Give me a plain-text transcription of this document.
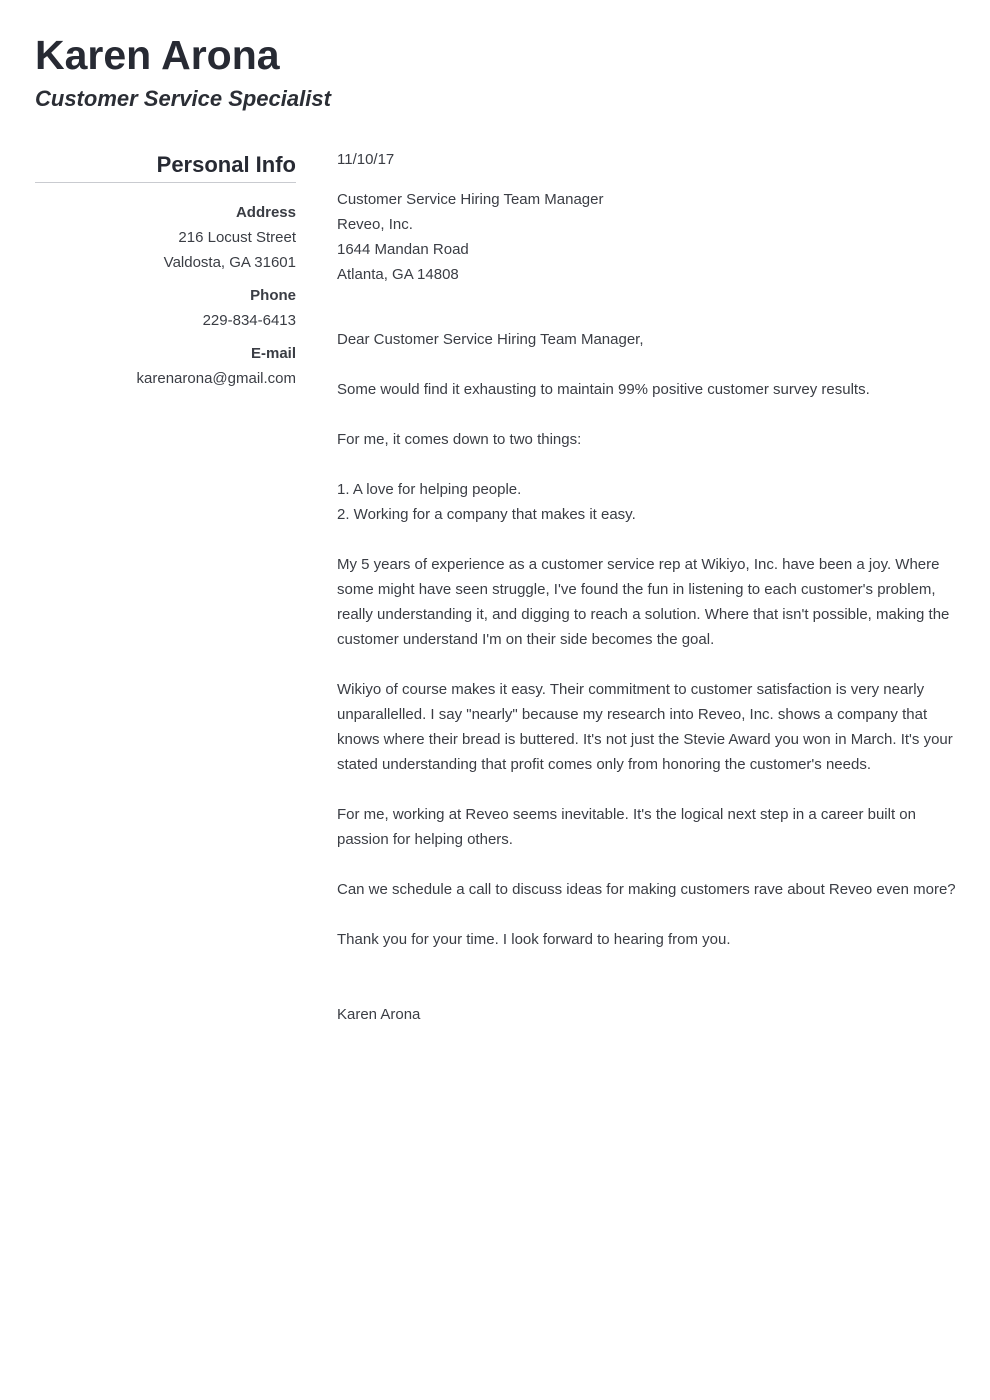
Karen Arona
Customer Service Specialist
Personal Info
Address
216 Locust Street
Valdosta, GA 31601
Phone
229-834-6413
E-mail
karenarona@gmail.com

11/10/17

Customer Service Hiring Team Manager

Reveo, Inc.

1644 Mandan Road

Atlanta, GA 14808

Dear Customer Service Hiring Team Manager,

Some would find it exhausting to maintain 99% positive customer survey results.

For me, it comes down to two things:

1. A love for helping people.

2. Working for a company that makes it easy.

My 5 years of experience as a customer service rep at Wikiyo, Inc. have been a joy. Where some might have seen struggle, I've found the fun in listening to each customer's problem, really understanding it, and digging to reach a solution. Where that isn't possible, making the customer understand I'm on their side becomes the goal.

Wikiyo of course makes it easy. Their commitment to customer satisfaction is very nearly unparallelled. I say "nearly" because my research into Reveo, Inc. shows a company that knows where their bread is buttered. It's not just the Stevie Award you won in March. It's your stated understanding that profit comes only from honoring the customer's needs.

For me, working at Reveo seems inevitable. It's the logical next step in a career built on passion for helping others.

Can we schedule a call to discuss ideas for making customers rave about Reveo even more?

Thank you for your time. I look forward to hearing from you.

Karen Arona
